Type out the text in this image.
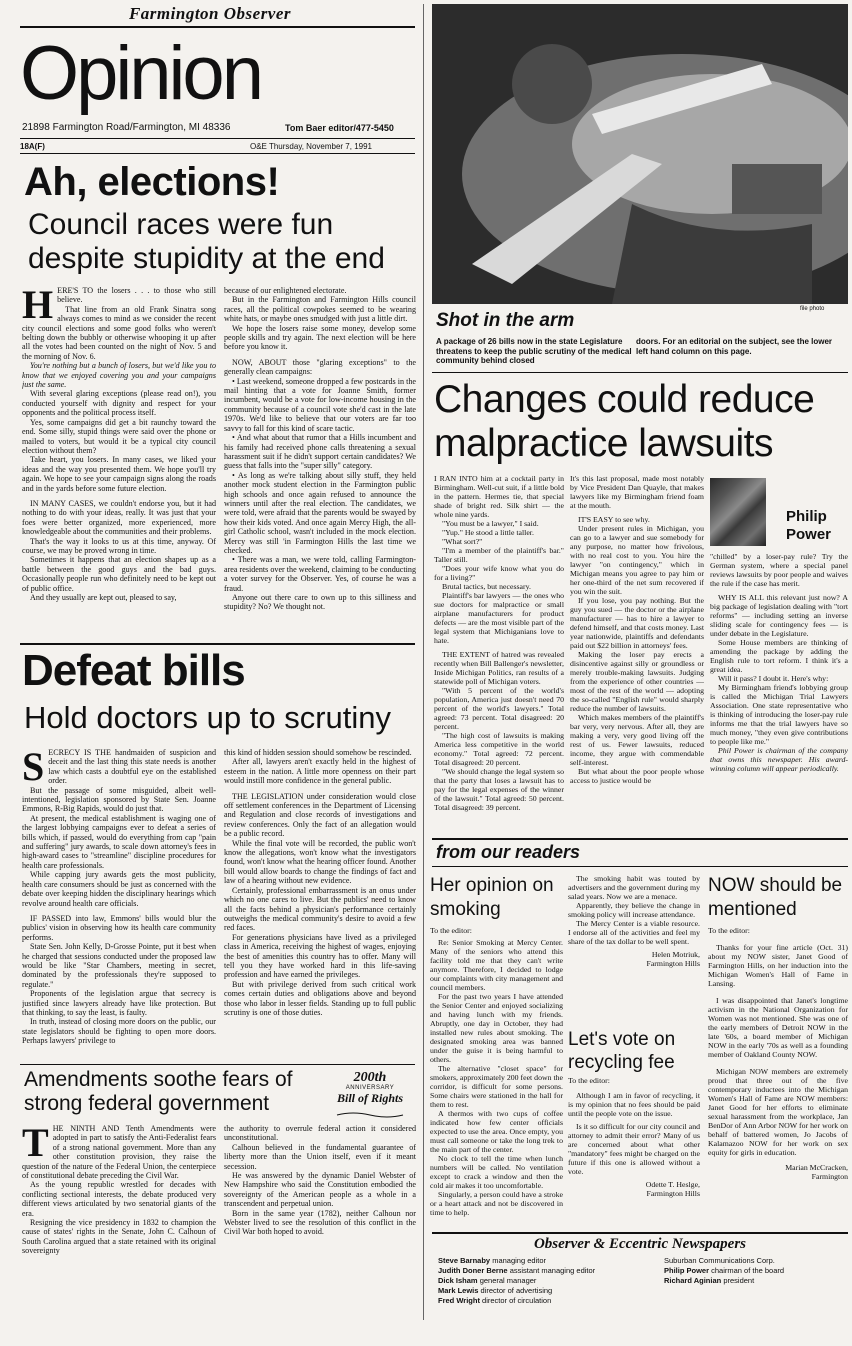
Farmington Observer
Opinion
21898 Farmington Road/Farmington, MI 48336	Tom Baer editor/477-5450
18A(F)	O&E Thursday, November 7, 1991
Ah, elections!
Council races were fun despite stupidity at the end
H ERE'S TO the losers . . . to those who still believe.

That line from an old Frank Sinatra song always comes to mind as we consider the recent city council elections and some good folks who weren't belting down the bubbly or otherwise whooping it up after all the votes had been counted on the night of Nov. 5 and the morning of Nov. 6.

You're nothing but a bunch of losers, but we'd like you to know that we enjoyed covering you and your campaigns just the same.

With several glaring exceptions (please read on!), you conducted yourself with dignity and respect for your opponents and the political process itself.

Yes, some campaigns did get a bit raunchy toward the end. Some silly, stupid things were said over the phone or mailed to voters, but would it be a typical city council election without them?

Take heart, you losers. In many cases, we liked your ideas and the way you presented them. We hope you'll try again. We hope to see your campaign signs along the roads and in the yards before some future election.

IN MANY CASES, we couldn't endorse you, but it had nothing to do with your ideas, really. It was just that your foes were better organized, more experienced, more knowledgeable about the communities and their problems.

That's the way it looks to us at this time, anyway. Of course, we may be proved wrong in time.

Sometimes it happens that an election shapes up as a battle between the good guys and the bad guys. Occasionally people run who definitely need to be kept out of public office.

And they usually are kept out, pleased to say,

because of our enlightened electorate.

But in the Farmington and Farmington Hills council races, all the political cowpokes seemed to be wearing white hats, or maybe ones smudged with just a little dirt.

We hope the losers raise some money, develop some people skills and try again. The next election will be here before you know it.

NOW, ABOUT those "glaring exceptions" to the generally clean campaigns:

• Last weekend, someone dropped a few postcards in the mail hinting that a vote for Joanne Smith, former incumbent, would be a vote for low-income housing in the community because of a council vote she'd cast in the late 1970s. We'd like to believe that our voters are far too savvy to fall for this kind of scare tactic.

• And what about that rumor that a Hills incumbent and his family had received phone calls threatening a sexual harassment suit if he didn't support certain candidates? We guess that falls into the "super silly" category.

• As long as we're talking about silly stuff, they held another mock student election in the Farmington public high schools and once again refused to announce the winners until after the real election. The candidates, we were told, were afraid that the parents would be swayed by how their kids voted. And once again Mercy High, the all-girl Catholic school, wasn't included in the mock election. Mercy was still 'in Farmington Hills the last time we checked.

• There was a man, we were told, calling Farmington-area residents over the weekend, claiming to be conducting a voter survey for the Observer. Yes, of course he was a fraud.

Anyone out there care to own up to this silliness and stupidity? No? We thought not.

Defeat bills
Hold doctors up to scrutiny
S ECRECY IS THE handmaiden of suspicion and deceit and the last thing this state needs is another law which casts a doubtful eye on the established order.

But the passage of some misguided, albeit well-intentioned, legislation sponsored by State Sen. Joanne Emmons, R-Big Rapids, would do just that.

At present, the medical establishment is waging one of the largest lobbying campaigns ever to defeat a series of bills which, if passed, would do everything from cap "pain and suffering" jury awards, to scale down attorney's fees in high-award cases to "streamline" discipline procedures for health care professionals.

While capping jury awards gets the most publicity, health care consumers should be just as concerned with the debate over keeping hidden the disciplinary hearings which revolve around health care officials.

IF PASSED into law, Emmons' bills would blur the publics' vision in observing how its health care community performs.

State Sen. John Kelly, D-Grosse Pointe, put it best when he charged that sessions conducted under the proposed law would be like "Star Chambers, meeting in secret, dominated by the professionals they're supposed to regulate."

Proponents of the legislation argue that secrecy is justified since lawyers already have like protection. But that thinking, to say the least, is faulty.

In truth, instead of closing more doors on the public, our state legislators should be fighting to open more doors. Perhaps lawyers' privilege to

this kind of hidden session should somehow be rescinded.

After all, lawyers aren't exactly held in the highest of esteem in the nation. A little more openness on their part would instill more confidence in the general public.

THE LEGISLATION under consideration would close off settlement conferences in the Department of Licensing and Regulation and close records of investigations and review conferences. Only the fact of an allegation would be a public record.

While the final vote will be recorded, the public won't know the allegations, won't know what the investigators found, won't know what the hearing officer found. Another bill would allow boards to change the findings of fact and law of a hearing without new evidence.

Certainly, professional embarrassment is an onus under which no one cares to live. But the publics' need to know all the facts behind a physician's performance certainly outweighs the medical community's desire to avoid a few red faces.

For generations physicians have lived as a privileged class in America, receiving the highest of wages, enjoying the best of amenities this country has to offer. Many will tell you they have worked hard in this life-saving profession and have earned the privileges.

But with privilege derived from such critical work comes certain duties and obligations above and beyond those who labor in lesser fields. Standing up to full public scrutiny is one of those duties.

Amendments soothe fears of strong federal government
200th
ANNIVERSARY
Bill of Rights
T HE NINTH AND Tenth Amendments were adopted in part to satisfy the Anti-Federalist fears of a strong national government. More than any other constitution provision, they raise the question of the nature of the Federal Union, the centerpiece of constitutional debate preceding the Civil War.

As the young republic wrestled for decades with conflicting sectional interests, the debate produced very different views articulated by two senatorial giants of the era.

Resigning the vice presidency in 1832 to champion the cause of states' rights in the Senate, John C. Calhoun of South Carolina argued that a state retained with its original sovereignty

the authority to overrule federal action it considered unconstitutional.

Calhoun believed in the fundamental guarantee of liberty more than the Union itself, even if it meant secession.

He was answered by the dynamic Daniel Webster of New Hampshire who said the Constitution embodied the sovereignty of the American people as a whole in a transcendent and perpetual union.

Born in the same year (1782), neither Calhoun nor Webster lived to see the resolution of this conflict in the Civil War both hoped to avoid.

file photo
Shot in the arm
A package of 26 bills now in the state Legislature threatens to keep the public scrutiny of the medical community behind closed
doors. For an editorial on the subject, see the lower left hand column on this page.
Changes could reduce malpractice lawsuits

I RAN INTO him at a cocktail party in Birmingham. Well-cut suit, if a little bold in the pattern. Hermes tie, that special shade of bright red. Silk shirt — the whole nine yards.

"You must be a lawyer," I said.

"Yup." He stood a little taller.

"What sort?"

"I'm a member of the plaintiff's bar." Taller still.

"Does your wife know what you do for a living?"

Brutal tactics, but necessary.

Plaintiff's bar lawyers — the ones who sue doctors for malpractice or small airplane manufacturers for product defects — are the most visible part of the legal system that Michiganians love to hate.

THE EXTENT of hatred was revealed recently when Bill Ballenger's newsletter, Inside Michigan Politics, ran results of a statewide poll of Michigan voters.

"With 5 percent of the world's population, America just doesn't need 70 percent of the world's lawyers." Total agreed: 73 percent. Total disagreed: 20 percent.

"The high cost of lawsuits is making America less competitive in the world economy." Total agreed: 72 percent. Total disagreed: 20 percent.

"We should change the legal system so that the party that loses a lawsuit has to pay for the legal expenses of the winner of the lawsuit." Total agreed: 50 percent. Total disagreed: 39 percent.

It's this last proposal, made most notably by Vice President Dan Quayle, that makes lawyers like my Birmingham friend foam at the mouth.

IT'S EASY to see why.

Under present rules in Michigan, you can go to a lawyer and sue somebody for any purpose, no matter how frivolous, with no real cost to you. You hire the lawyer "on contingency," which in Michigan means you agree to pay him or her one-third of the net sum recovered if you win the suit.

If you lose, you pay nothing. But the guy you sued — the doctor or the airplane manufacturer — has to hire a lawyer to defend himself, and that costs money. Last year nationwide, plaintiffs and defendants paid out $22 billion in attorneys' fees.

Making the loser pay erects a disincentive against silly or groundless or merely trouble-making lawsuits. Judging from the experience of other countries — most of the rest of the world — adopting the so-called "English rule" would sharply reduce the number of lawsuits.

Which makes members of the plaintiff's bar very, very nervous. After all, they are making a very, very good living off the rest of us. Fewer lawsuits, reduced income, they argue with commendable self-interest.

But what about the poor people whose access to justice would be

Philip
Power

"chilled" by a loser-pay rule? Try the German system, where a special panel reviews lawsuits by poor people and waives the rule if the case has merit.

WHY IS ALL this relevant just now? A big package of legislation dealing with "tort reforms" — including setting an inverse sliding scale for contingency fees — is under debate in the Legislature.

Some House members are thinking of amending the package by adding the English rule to tort reform. I think it's a great idea.

Will it pass? I doubt it. Here's why:

My Birmingham friend's lobbying group is called the Michigan Trial Lawyers Association. One state representative who is thinking of introducing the loser-pay rule informs me that the trial lawyers have so much money, "they even give contributions to people like me."

Phil Power is chairman of the company that owns this newspaper. His award-winning column will appear periodically.

from our readers
Her opinion on smoking

To the editor:

Re: Senior Smoking at Mercy Center. Many of the seniors who attend this facility told me that they can't write anymore. Therefore, I decided to lodge our complaints with city management and council members.

For the past two years I have attended the Senior Center and enjoyed socializing and having lunch with my friends. Abruptly, one day in October, they had installed new rules about smoking. The designated smoking area was banned under the guise it is being harmful to others.

The alternative "closet space" for smokers, approximately 200 feet down the corridor, is difficult for some persons. Some chairs were stationed in the hall for them to rest.

A thermos with two cups of coffee indicated how few center officials expected to use the area. Once empty, you must call someone or take the long trek to the main part of the center.

No clock to tell the time when lunch numbers will be called. No ventilation except to crack a window and then the cold air makes it too uncomfortable.

Singularly, a person could have a stroke or a heart attack and not be discovered in time to help.

The smoking habit was touted by advertisers and the government during my salad years. Now we are a menace.

Apparently, they believe the change in smoking policy will increase attendance.

The Mercy Center is a viable resource. I endorse all of the activities and feel my share of the tax dollar to be well spent.

Helen Motriuk,
Farmington Hills
Let's vote on recycling fee

To the editor:

Although I am in favor of recycling, it is my opinion that no fees should be paid until the people vote on the issue.

Is it so difficult for our city council and attorney to admit their error? Many of us are concerned about what other "mandatory" fees might be charged on the future if this one is allowed without a vote.

Odette T. Heslge,
Farmington Hills
NOW should be mentioned

To the editor:

Thanks for your fine article (Oct. 31) about my NOW sister, Janet Good of Farmington Hills, on her induction into the Michigan Women's Hall of Fame in Lansing.

I was disappointed that Janet's longtime activism in the National Organization for Women was not mentioned. She was one of the early members of Detroit NOW in the late '60s, a board member of Michigan NOW in the early '70s as well as a founding member of Oakland County NOW.

Michigan NOW members are extremely proud that three out of the five contemporary inductees into the Michigan Women's Hall of Fame are NOW members: Janet Good for her efforts to eliminate sexual harassment from the workplace, Jan BenDor of Ann Arbor NOW for her work on behalf of battered women, Jo Jacobs of Kalamazoo NOW for her work on sex equity for girls in education.

Marian McCracken,
Farmington
Observer & Eccentric Newspapers
Steve Barnaby managing editor
Judith Doner Berne assistant managing editor
Dick Isham general manager
Mark Lewis director of advertising
Fred Wright director of circulation
Suburban Communications Corp.
Philip Power chairman of the board
Richard Aginian president
